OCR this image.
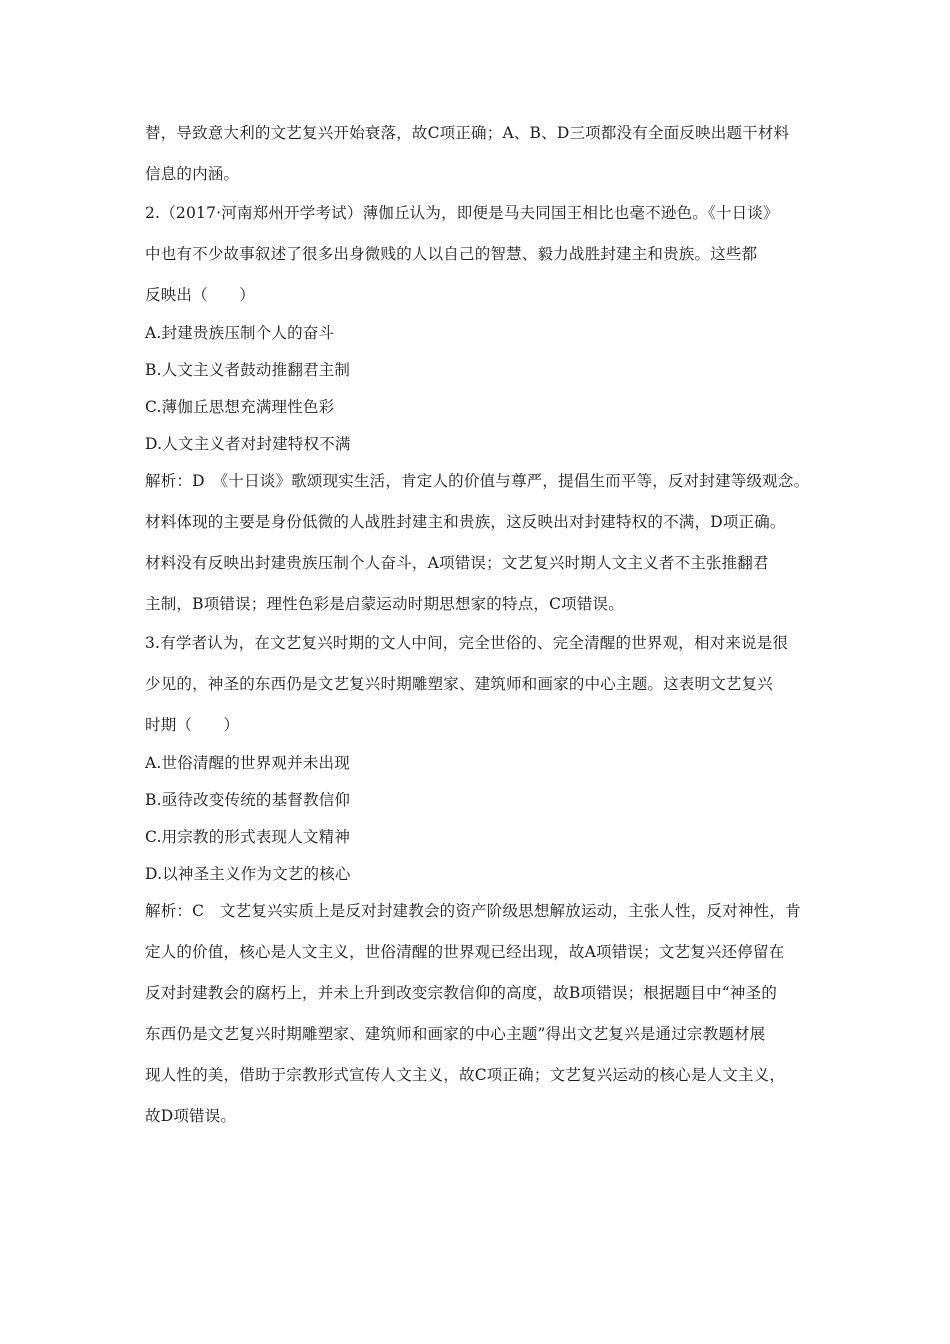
替，导致意大利的文艺复兴开始衰落，故C项正确；A、B、D三项都没有全面反映出题干材料
信息的内涵。
2.（2017·河南郑州开学考试）薄伽丘认为，即便是马夫同国王相比也毫不逊色。《十日谈》
中也有不少故事叙述了很多出身微贱的人以自己的智慧、毅力战胜封建主和贵族。这些都
反映出（　　）
A.封建贵族压制个人的奋斗
B.人文主义者鼓动推翻君主制
C.薄伽丘思想充满理性色彩
D.人文主义者对封建特权不满
解析：D　《十日谈》歌颂现实生活，肯定人的价值与尊严，提倡生而平等，反对封建等级观念。
材料体现的主要是身份低微的人战胜封建主和贵族，这反映出对封建特权的不满，D项正确。
材料没有反映出封建贵族压制个人奋斗，A项错误；文艺复兴时期人文主义者不主张推翻君
主制，B项错误；理性色彩是启蒙运动时期思想家的特点，C项错误。
3.有学者认为，在文艺复兴时期的文人中间，完全世俗的、完全清醒的世界观，相对来说是很
少见的，神圣的东西仍是文艺复兴时期雕塑家、建筑师和画家的中心主题。这表明文艺复兴
时期（　　）
A.世俗清醒的世界观并未出现
B.亟待改变传统的基督教信仰
C.用宗教的形式表现人文精神
D.以神圣主义作为文艺的核心
解析：C　文艺复兴实质上是反对封建教会的资产阶级思想解放运动，主张人性，反对神性，肯
定人的价值，核心是人文主义，世俗清醒的世界观已经出现，故A项错误；文艺复兴还停留在
反对封建教会的腐朽上，并未上升到改变宗教信仰的高度，故B项错误；根据题目中“神圣的
东西仍是文艺复兴时期雕塑家、建筑师和画家的中心主题”得出文艺复兴是通过宗教题材展
现人性的美，借助于宗教形式宣传人文主义，故C项正确；文艺复兴运动的核心是人文主义，
故D项错误。
